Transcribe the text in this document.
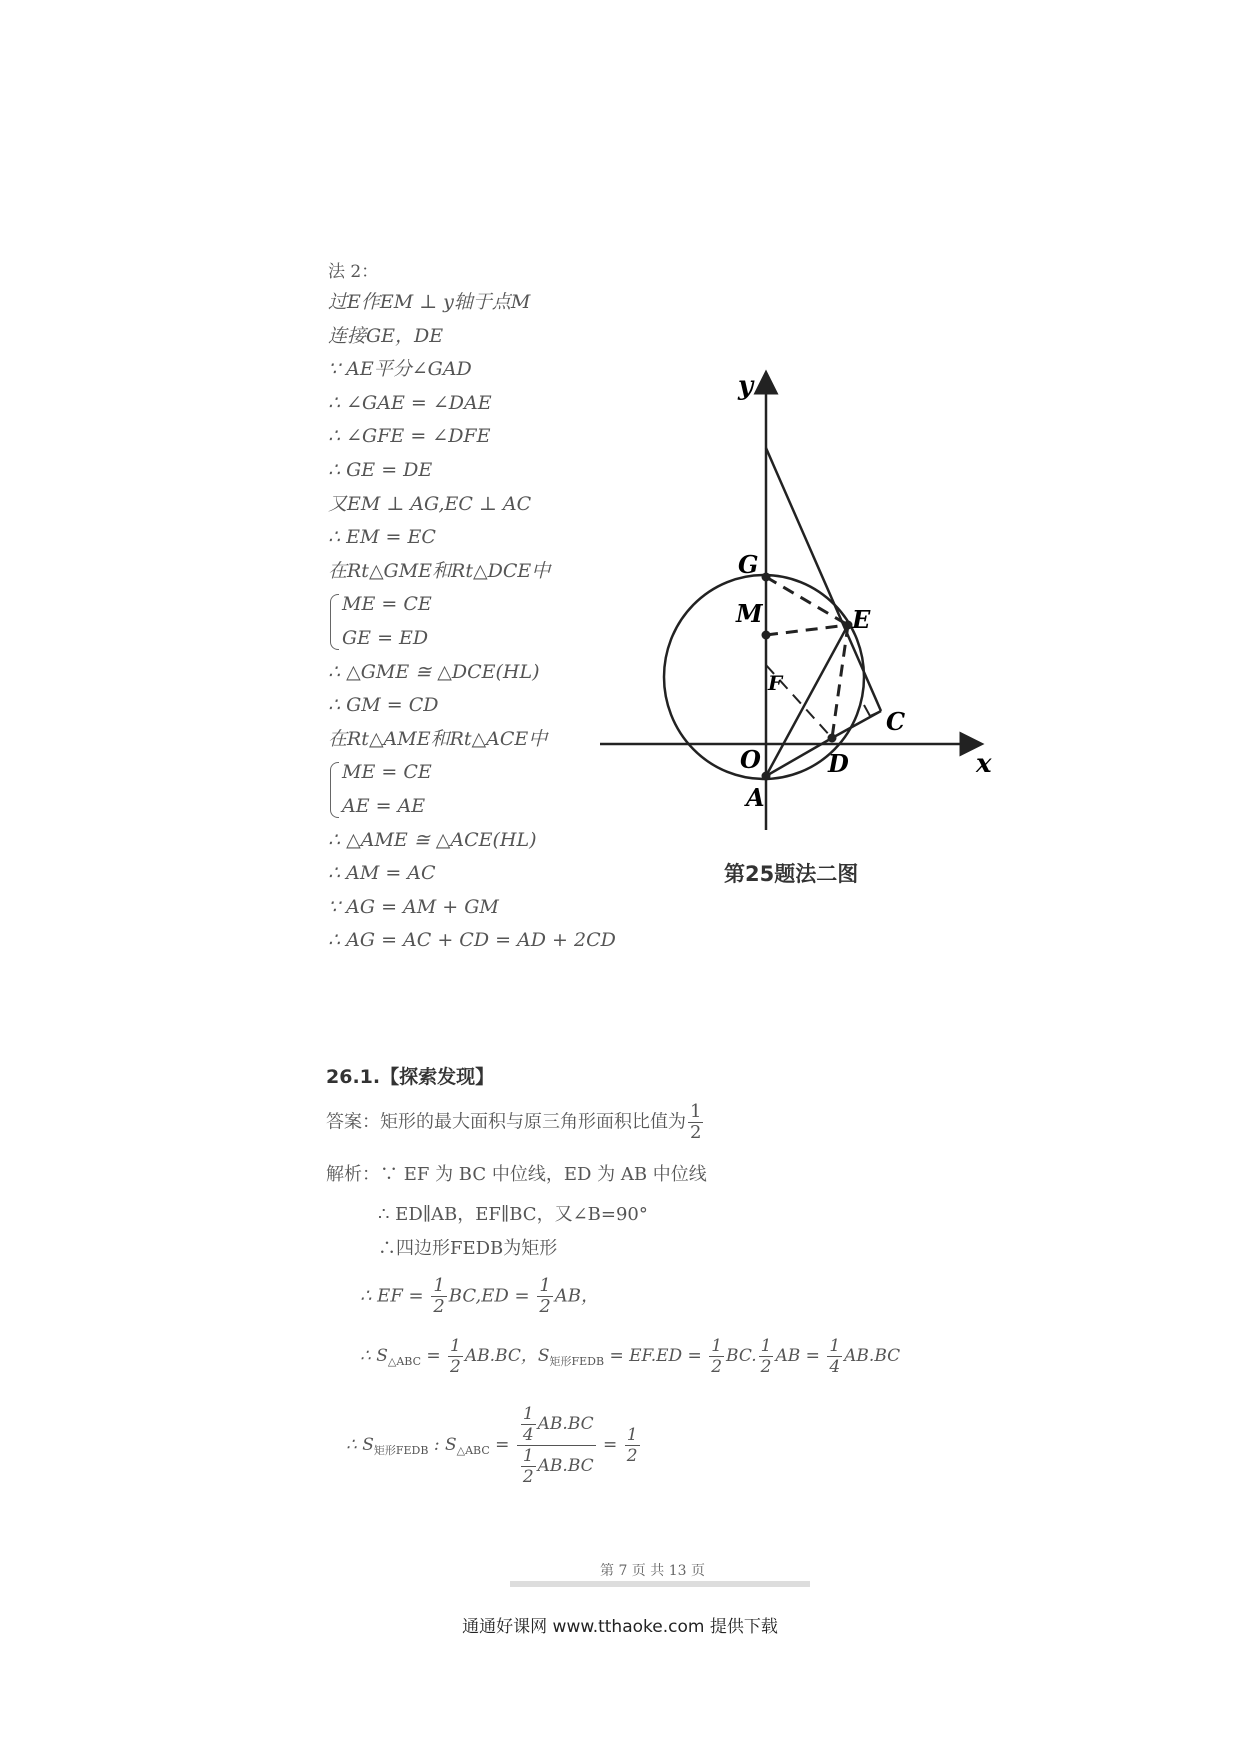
法 2：
过E作EM ⊥ y轴于点M
连接GE，DE
∵ AE平分∠GAD
∴ ∠GAE = ∠DAE
∴ ∠GFE = ∠DFE
∴ GE = DE
又EM ⊥ AG,EC ⊥ AC
∴ EM = EC
在Rt△GME和Rt△DCE中
ME = CE
GE = ED
∴ △GME ≅ △DCE(HL)
∴ GM = CD
在Rt△AME和Rt△ACE中
ME = CE
AE = AE
∴ △AME ≅ △ACE(HL)
∴ AM = AC
∵ AG = AM + GM
∴ AG = AC + CD = AD + 2CD
y
x
G
M	E
F
C
O	D
A
第25题法二图
26.1.【探索发现】
答案：矩形的最大面积与原三角形面积比值为 $\frac{1}{2}$
解析：∵ EF 为 BC 中位线，ED 为 AB 中位线
∴ ED∥AB，EF∥BC，又∠B=90°
∴四边形FEDB为矩形
∴ EF = $\frac{1}{2} BC,ED = \frac{1}{2}$ AB，
∴ $S_{\triangle ABC} = \frac{1}{2} AB.BC$，$S_{矩形FEDB} = EF.ED = \frac{1}{2}$ BC. $\frac{1}{2}$ AB = $\frac{1}{4} AB.BC$
∴ $S_{矩形FEDB}$ : $S_{\triangle ABC} = \frac{\frac{1}{4} AB.BC}{\frac{1}{2} AB.BC} = \frac{1}{2}$
第 7 页 共 13 页
通通好课网 www.tthaoke.com 提供下载
